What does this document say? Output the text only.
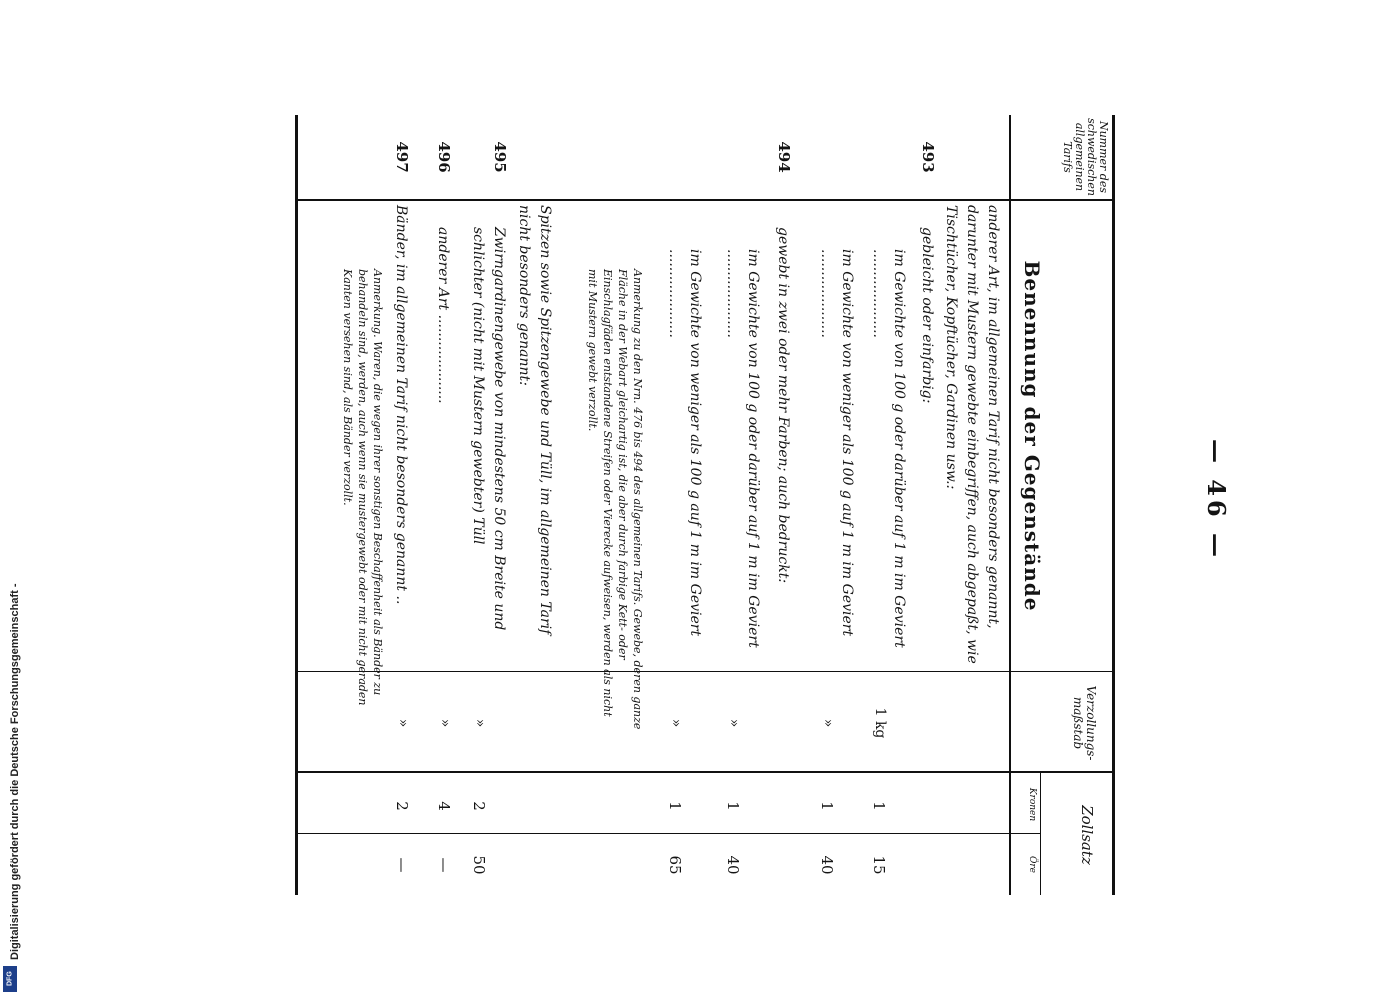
— 46 —
Nummer des schwedischen allgemeinen Tarifs
Benennung der Gegenstände
Verzollungs-maßstab
Zollsatz
Kronen
Öre
anderer Art, im allgemeinen Tarif nicht besonders genannt, darunter mit Mustern gewebte einbegriffen, auch abgepaßt, wie Tischtücher, Kopftücher, Gardinen usw.:
493
gebleicht oder einfarbig:
im Gewichte von 100 g oder darüber auf 1 m im Geviert ....................
1 kg
1
15
im Gewichte von weniger als 100 g auf 1 m im Geviert ....................
»
1
40
494
gewebt in zwei oder mehr Farben; auch bedruckt:
im Gewichte von 100 g oder darüber auf 1 m im Geviert ....................
»
1
40
im Gewichte von weniger als 100 g auf 1 m im Geviert ....................
»
1
65
Anmerkung zu den Nrn. 476 bis 494 des allgemeinen Tarifs. Gewebe, deren ganze Fläche in der Webart gleichartig ist, die aber durch farbige Kett- oder Einschlagfäden entstandene Streifen oder Vierecke aufweisen, werden als nicht mit Mustern gewebt verzollt.
Spitzen sowie Spitzengewebe und Tüll, im allgemeinen Tarif nicht besonders genannt:
495
Zwirngardinengewebe von mindestens 50 cm Breite und schlichter (nicht mit Mustern gewebter) Tüll
»
2
50
496
anderer Art ....................
»
4
—
497
Bänder, im allgemeinen Tarif nicht besonders genannt ..
»
2
—
Anmerkung. Waren, die wegen ihrer sonstigen Beschaffenheit als Bänder zu behandeln sind, werden, auch wenn sie mustergewebt oder mit nicht geraden Kanten versehen sind, als Bänder verzollt.
Digitalisierung gefördert durch die Deutsche Forschungsgemeinschaft -
DFG
